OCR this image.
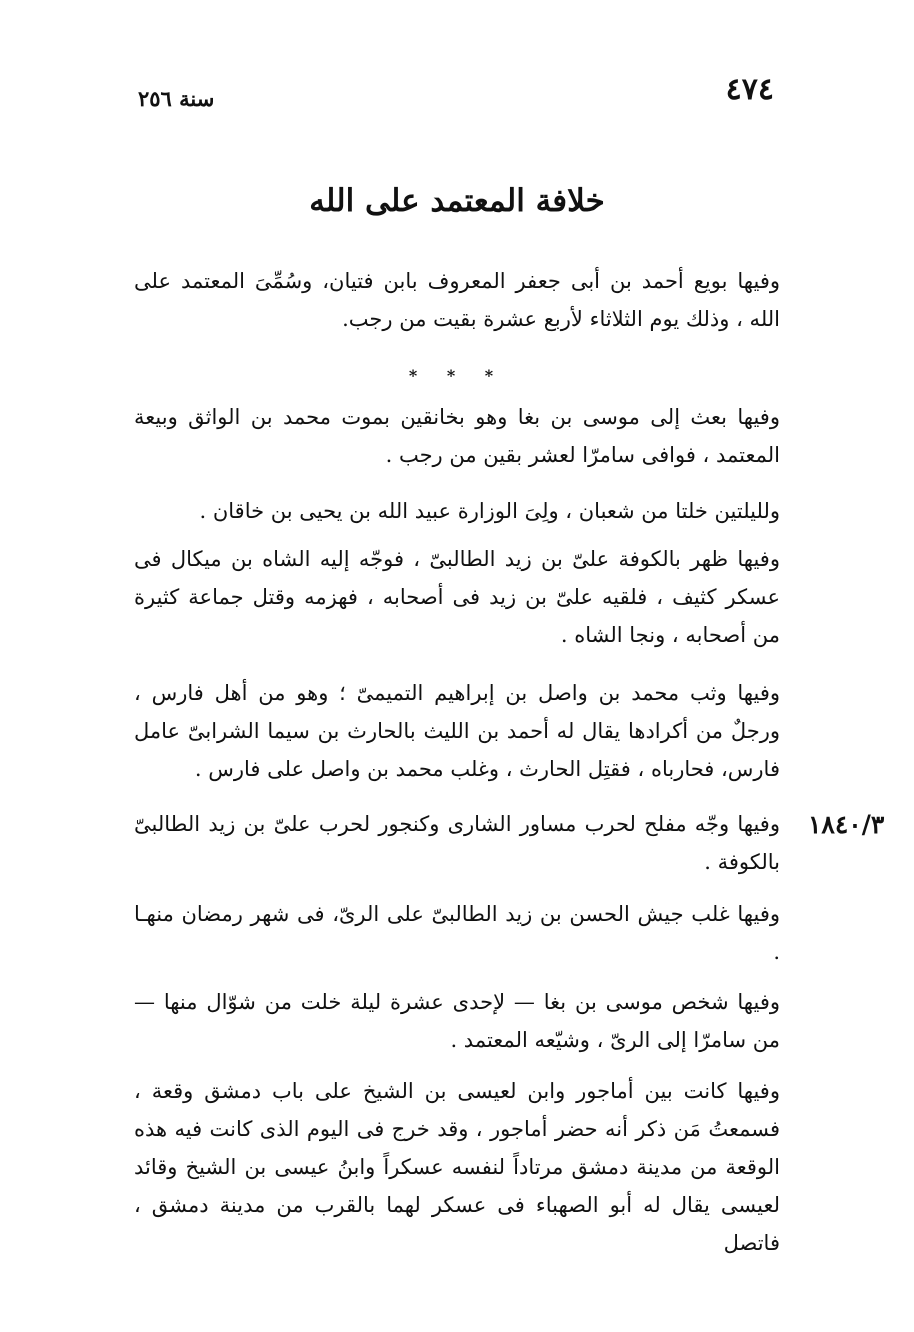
٤٧٤
سنة ٢٥٦
خلافة المعتمد على الله

وفيها بويع أحمد بن أبى جعفر المعروف بابن فتيان، وسُمِّىَ المعتمد على الله ، وذلك يوم الثلاثاء لأربع عشرة بقيت من رجب.

* * *

وفيها بعث إلى موسى بن بغا وهو بخانقين بموت محمد بن الواثق وبيعة المعتمد ، فوافى سامرّا لعشر بقين من رجب .

ولليلتين خلتا من شعبان ، ولِىَ الوزارة عبيد الله بن يحيى بن خاقان .

وفيها ظهر بالكوفة علىّ بن زيد الطالبىّ ، فوجّه إليه الشاه بن ميكال فى عسكر كثيف ، فلقيه علىّ بن زيد فى أصحابه ، فهزمه وقتل جماعة كثيرة من أصحابه ، ونجا الشاه .

وفيها وثب محمد بن واصل بن إبراهيم التميمىّ ؛ وهو من أهل فارس ، ورجلٌ من أكرادها يقال له أحمد بن الليث بالحارث بن سيما الشرابىّ عامل فارس، فحارباه ، فقتِل الحارث ، وغلب محمد بن واصل على فارس .

وفيها وجّه مفلح لحرب مساور الشارى وكنجور لحرب علىّ بن زيد الطالبىّ بالكوفة .

١٨٤٠/٣

وفيها غلب جيش الحسن بن زيد الطالبىّ على الرىّ، فى شهر رمضان منهـا .

وفيها شخص موسى بن بغا — لإحدى عشرة ليلة خلت من شوّال منها — من سامرّا إلى الرىّ ، وشيّعه المعتمد .

وفيها كانت بين أماجور وابن لعيسى بن الشيخ على باب دمشق وقعة ، فسمعتُ مَن ذكر أنه حضر أماجور ، وقد خرج فى اليوم الذى كانت فيه هذه الوقعة من مدينة دمشق مرتاداً لنفسه عسكراً وابنُ عيسى بن الشيخ وقائد لعيسى يقال له أبو الصهباء فى عسكر لهما بالقرب من مدينة دمشق ، فاتصل
